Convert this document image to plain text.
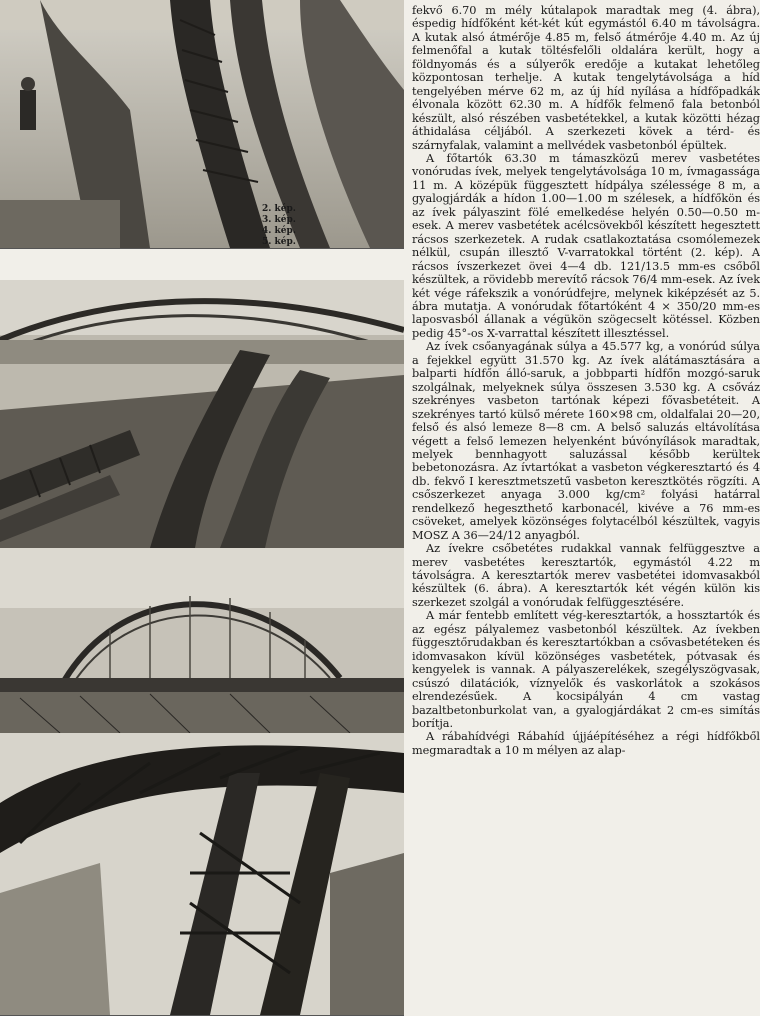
2. kép.
3. kép.
4. kép.
5. kép.

fekvő 6.70 m mély kútalapok maradtak meg (4. ábra), éspedig hídfőként két-két kút egymástól 6.40 m távolságra. A kutak alsó átmérője 4.85 m, felső átmérője 4.40 m. Az új felmenőfal a kutak töltésfelőli oldalára került, hogy a földnyomás és a súlyerők eredője a kutakat lehetőleg központosan terhelje. A kutak tengelytávolsága a híd tengelyében mérve 62 m, az új híd nyílása a hídfőpadkák élvonala között 62.30 m. A hídfők felmenő fala betonból készült, alsó részében vasbetétekkel, a kutak közötti hézag áthidalása céljából. A szerkezeti kövek a térd- és szárnyfalak, valamint a mellvédek vasbetonból épültek.

A főtartók 63.30 m támaszközű merev vasbetétes vonórudas ívek, melyek tengelytávolsága 10 m, ívmagassága 11 m. A középük függesztett hídpálya szélessége 8 m, a gyalogjárdák a hídon 1.00—1.00 m szélesek, a hídfőkön és az ívek pályaszint fölé emelkedése helyén 0.50—0.50 m-esek. A merev vasbetétek acélcsövekből készített hegesztett rácsos szerkezetek. A rudak csatlakoztatása csomólemezek nélkül, csupán illesztő V-varratokkal történt (2. kép). A rácsos ívszerkezet övei 4—4 db. 121/13.5 mm-es csőből készültek, a rövidebb merevítő rácsok 76/4 mm-esek. Az ívek két vége ráfekszik a vonórúdfejre, melynek kiképzését az 5. ábra mutatja. A vonórudak főtartóként 4 × 350/20 mm-es laposvasból állanak a végükön szögecselt kötéssel. Közben pedig 45°-os X-varrattal készített illesztéssel.

Az ívek csőanyagának súlya a 45.577 kg, a vonórúd súlya a fejekkel együtt 31.570 kg. Az ívek alátámasztására a balparti hídfőn álló-saruk, a jobbparti hídfőn mozgó-saruk szolgálnak, melyeknek súlya összesen 3.530 kg. A csőváz szekrényes vasbeton tartónak képezi fővasbetéteit. A szekrényes tartó külső mérete 160×98 cm, oldalfalai 20—20, felső és alsó lemeze 8—8 cm. A belső saluzás eltávolítása végett a felső lemezen helyenként búvónyílások maradtak, melyek bennhagyott saluzással később kerültek bebetonozásra. Az ívtartókat a vasbeton végkeresztartó és 4 db. fekvő I keresztmetszetű vasbeton keresztkötés rögzíti. A csőszerkezet anyaga 3.000 kg/cm² folyási határral rendelkező hegeszthető karbonacél, kivéve a 76 mm-es csöveket, amelyek közönséges folytacélból készültek, vagyis MOSZ A 36—24/12 anyagból.

Az ívekre csőbetétes rudakkal vannak felfüggesztve a merev vasbetétes keresztartók, egymástól 4.22 m távolságra. A keresztartók merev vasbetétei idomvasakból készültek (6. ábra). A keresztartók két végén külön kis szerkezet szolgál a vonórudak felfüggesztésére.

A már fentebb említett vég-keresztartók, a hossztartók és az egész pályalemez vasbetonból készültek. Az ívekben függesztőrudakban és keresztartókban a csővasbetéteken és idomvasakon kívül közönséges vasbetétek, pótvasak és kengyelek is vannak. A pályaszerelékek, szegélyszögvasak, csúszó dilatációk, víznyelők és vaskorlátok a szokásos elrendezésűek. A kocsipályán 4 cm vastag bazaltbetonburkolat van, a gyalogjárdákat 2 cm-es simítás borítja.

A rábahídvégi Rábahíd újjáépítéséhez a régi hídfőkből megmaradtak a 10 m mélyen az alap-
